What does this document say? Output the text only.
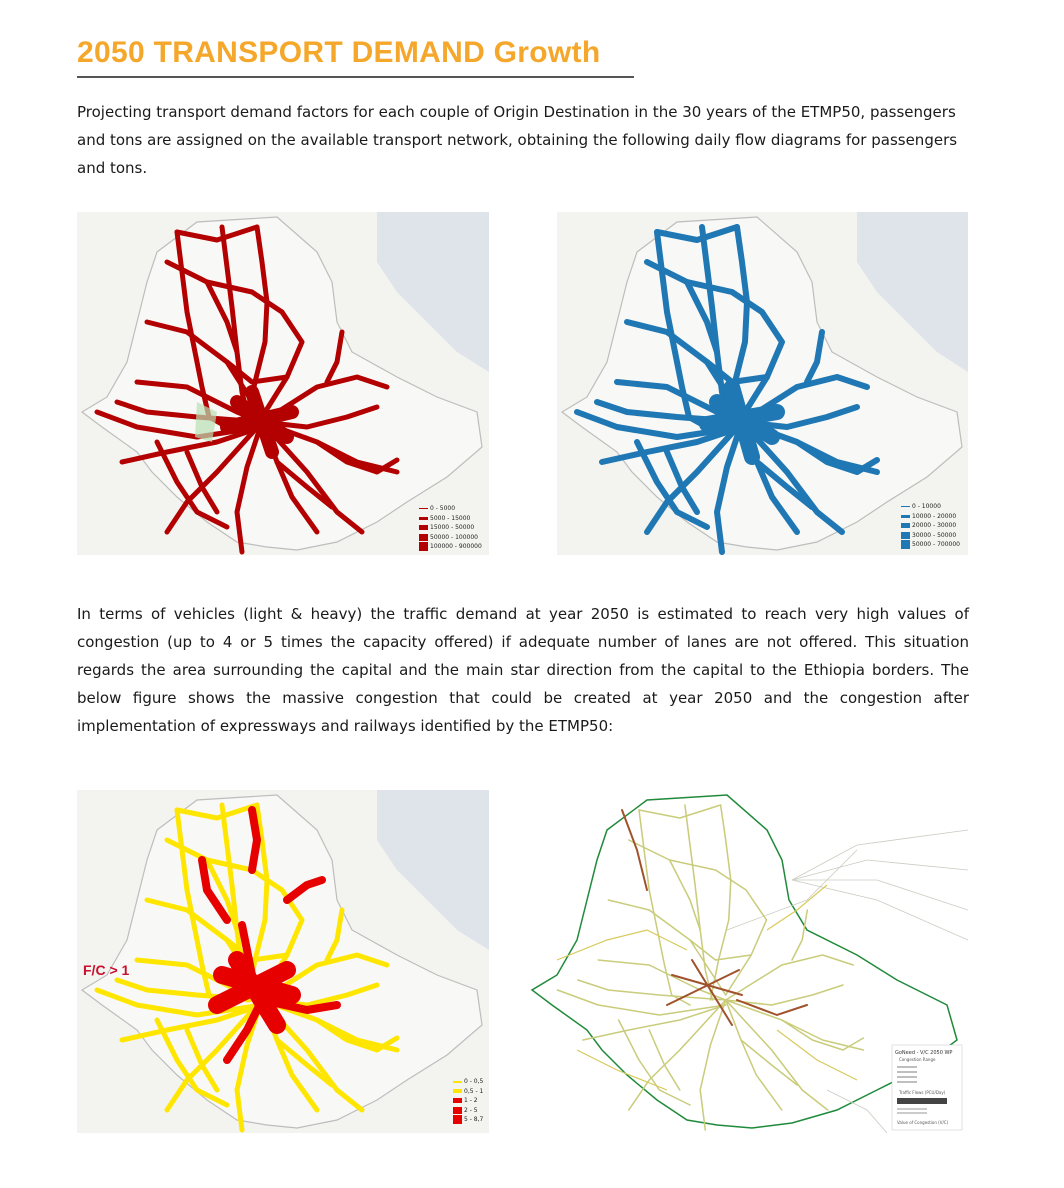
2050 TRANSPORT DEMAND Growth

Projecting transport demand factors for each couple of Origin Destination in the 30 years of the ETMP50, passengers and tons are assigned on the available transport network, obtaining the following daily flow diagrams for passengers and tons.

0 - 5000
5000 - 15000
15000 - 50000
50000 - 100000
100000 - 900000
0 - 10000
10000 - 20000
20000 - 30000
30000 - 50000
50000 - 700000

In terms of vehicles (light & heavy) the traffic demand at year 2050 is estimated to reach very high values of congestion (up to 4 or 5 times the capacity offered) if adequate number of lanes are not offered. This situation regards the area surrounding the capital and the main star direction from the capital to the Ethiopia borders. The below figure shows the massive congestion that could be created at year 2050 and the congestion after implementation of expressways and railways identified by the ETMP50:

F/C > 1
0 - 0,5
0,5 - 1
1 - 2
2 - 5
5 - 8,7
GoNeed - V/C 2050 WP
Congestion Range
Traffic Flows (PCU/Day)
Value of Congestion (V/C)
